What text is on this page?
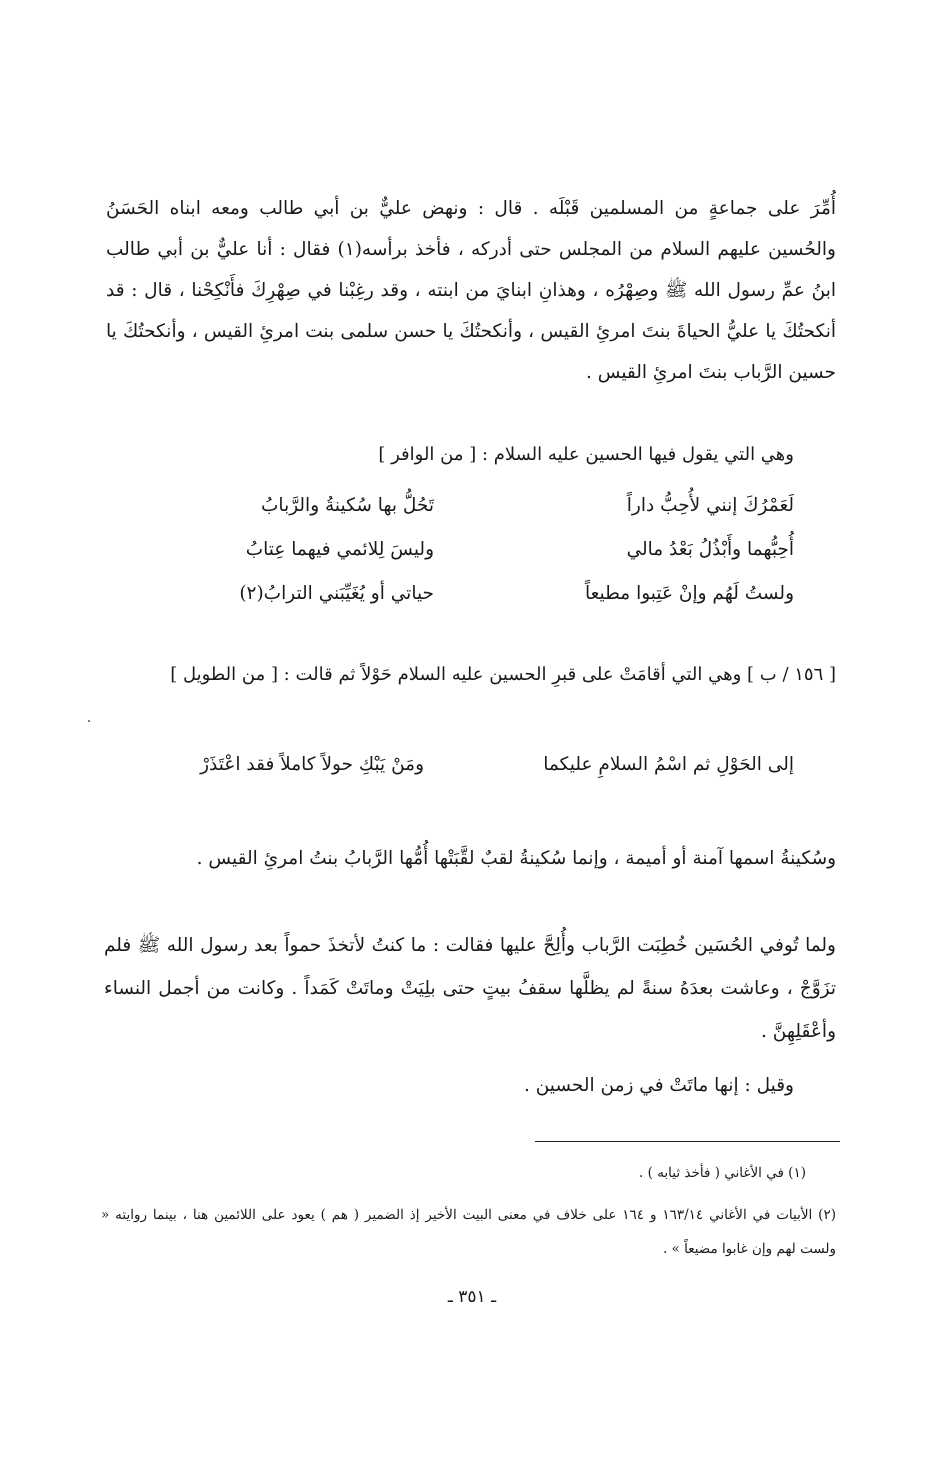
أُمِّرَ على جماعةٍ من المسلمين قَبْلَه . قال : ونهض عليٌّ بن أبي طالب ومعه ابناه الحَسَنُ والحُسين عليهم السلام من المجلس حتى أدركه ، فأخذ برأسه(١) فقال : أنا عليٌّ بن أبي طالب ابنُ عمِّ رسول الله ﷺ وصِهْرُه ، وهذانِ ابنايَ من ابنته ، وقد رغِبْنا في صِهْرِكَ فأَنْكِحْنا ، قال : قد أنكحتُكَ يا عليُّ الحياةَ بنتَ امرئِ القيس ، وأنكحتُكَ يا حسن سلمى بنت امرئِ القيس ، وأنكحتُكَ يا حسين الرَّباب بنتَ امرئِ القيس .
وهي التي يقول فيها الحسين عليه السلام : [ من الوافر ]
لَعَمْرُكَ إنني لأُحِبُّ داراً
تَحُلُّ بها سُكينةُ والرَّبابُ
أُحِبُّهما وأَبْذُلُ بَعْدُ مالي
وليسَ لِلائمي فيهما عِتابُ
ولستُ لَهُم وإنْ عَتِبوا مطيعاً
حياتي أو يُغَيِّبَني الترابُ(٢)
[ ١٥٦ / ب ] وهي التي أقامَتْ على قبرِ الحسين عليه السلام حَوْلاً ثم قالت : [ من الطويل ]
إلى الحَوْلِ ثم اسْمُ السلامِ عليكما
ومَنْ يَبْكِ حولاً كاملاً فقد اعْتَذَرْ
وسُكينةُ اسمها آمنة أو أميمة ، وإنما سُكينةُ لقبٌ لقَّبَتْها أُمُّها الرَّبابُ بنتُ امرئِ القيس .
ولما تُوفي الحُسَين خُطِبَت الرَّباب وأُلِحَّ عليها فقالت : ما كنتُ لأتخذَ حمواً بعد رسول الله ﷺ فلم تزَوَّجْ ، وعاشت بعدَهُ سنةً لم يظلَّها سقفُ بيتٍ حتى بلِيَتْ وماتَتْ كَمَداً . وكانت من أجمل النساء وأعْقَلِهِنَّ .
وقيل : إنها ماتَتْ في زمن الحسين .
(١) في الأغاني ( فأخذ ثيابه ) .
(٢) الأبيات في الأغاني ١٦٣/١٤ و ١٦٤ على خلاف في معنى البيت الأخير إذ الضمير ( هم ) يعود على اللائمين هنا ، بينما روايته « ولست لهم وإن غابوا مضيعاً » .
ـ ٣٥١ ـ
